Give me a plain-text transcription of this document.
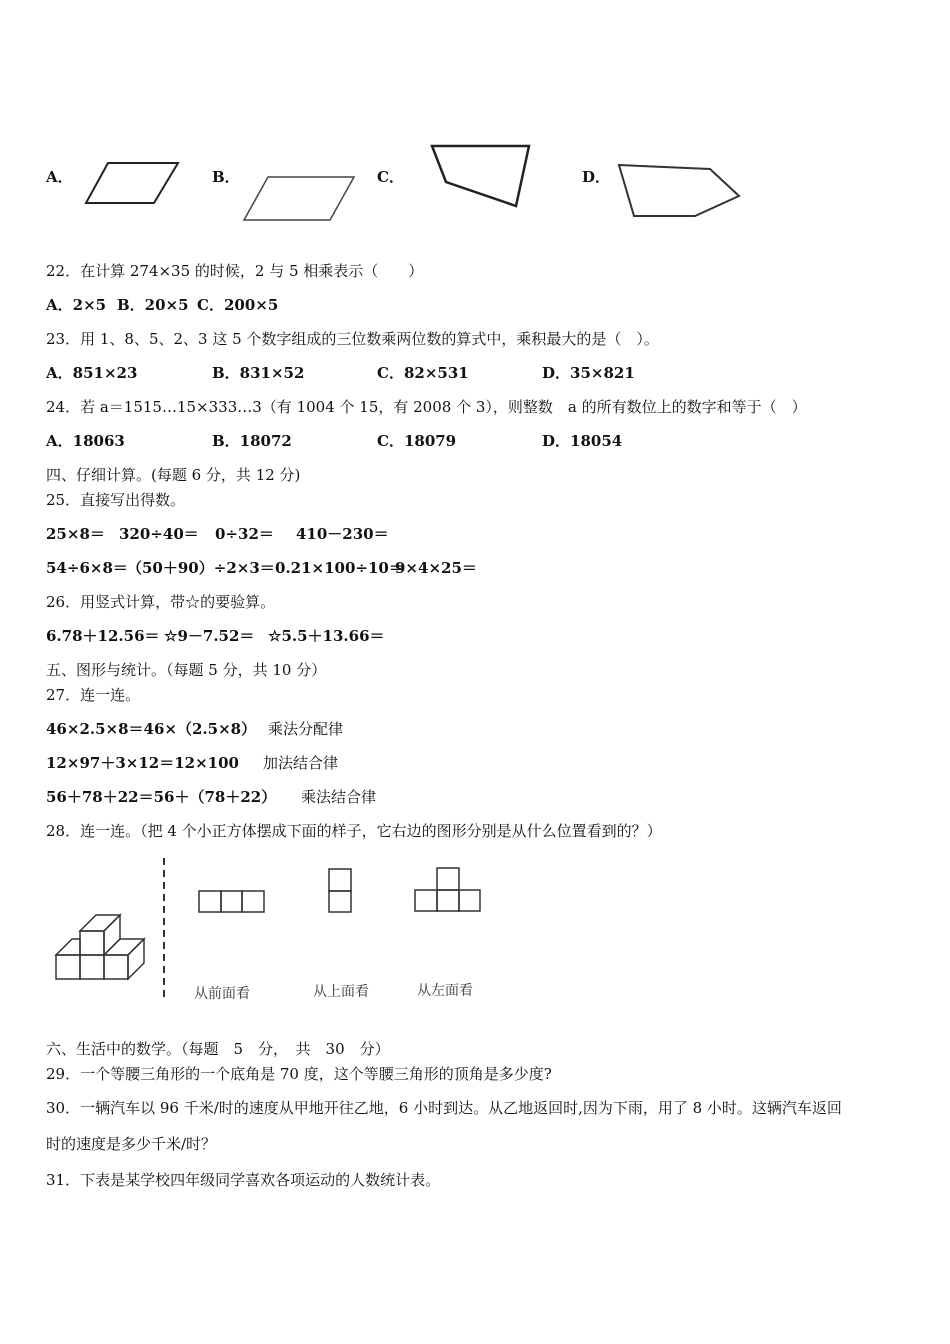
A．	B．	C．	D．
22．在计算 274×35 的时候，2 与 5 相乘表示（　　）
A．2×5 B．20×5 C．200×5
23．用 1、8、5、2、3 这 5 个数字组成的三位数乘两位数的算式中，乘积最大的是（　）。
A．851×23	B．831×52	C．82×531	D．35×821
24．若 a＝1515…15×333…3（有 1004 个 15，有 2008 个 3），则整数　a 的所有数位上的数字和等于（　）
A．18063	B．18072	C．18079	D．18054
四、仔细计算。(每题 6 分，共 12 分)
25．直接写出得数。
25×8＝ 320÷40＝ 0÷32＝ 410－230＝
54÷6×8＝ （50＋90）÷2×3＝ 0.21×100÷10＝
9×4×25＝
26．用竖式计算，带☆的要验算。
6.78＋12.56＝ ☆9－7.52＝ ☆5.5＋13.66＝
五、图形与统计。（每题 5 分，共 10 分）
27．连一连。
46×2.5×8＝46×（2.5×8） 乘法分配律
12×97＋3×12＝12×100 加法结合律
56＋78＋22＝56＋（78＋22） 乘法结合律
28．连一连。（把 4 个小正方体摆成下面的样子，它右边的图形分别是从什么位置看到的？）
从前面看	从上面看	从左面看
六、生活中的数学。（每题　5　分，　共　30　分）
29．一个等腰三角形的一个底角是 70 度，这个等腰三角形的顶角是多少度?
30．一辆汽车以 96 千米/时的速度从甲地开往乙地，6 小时到达。从乙地返回时,因为下雨，用了 8 小时。这辆汽车返回
时的速度是多少千米/时？
31．下表是某学校四年级同学喜欢各项运动的人数统计表。
